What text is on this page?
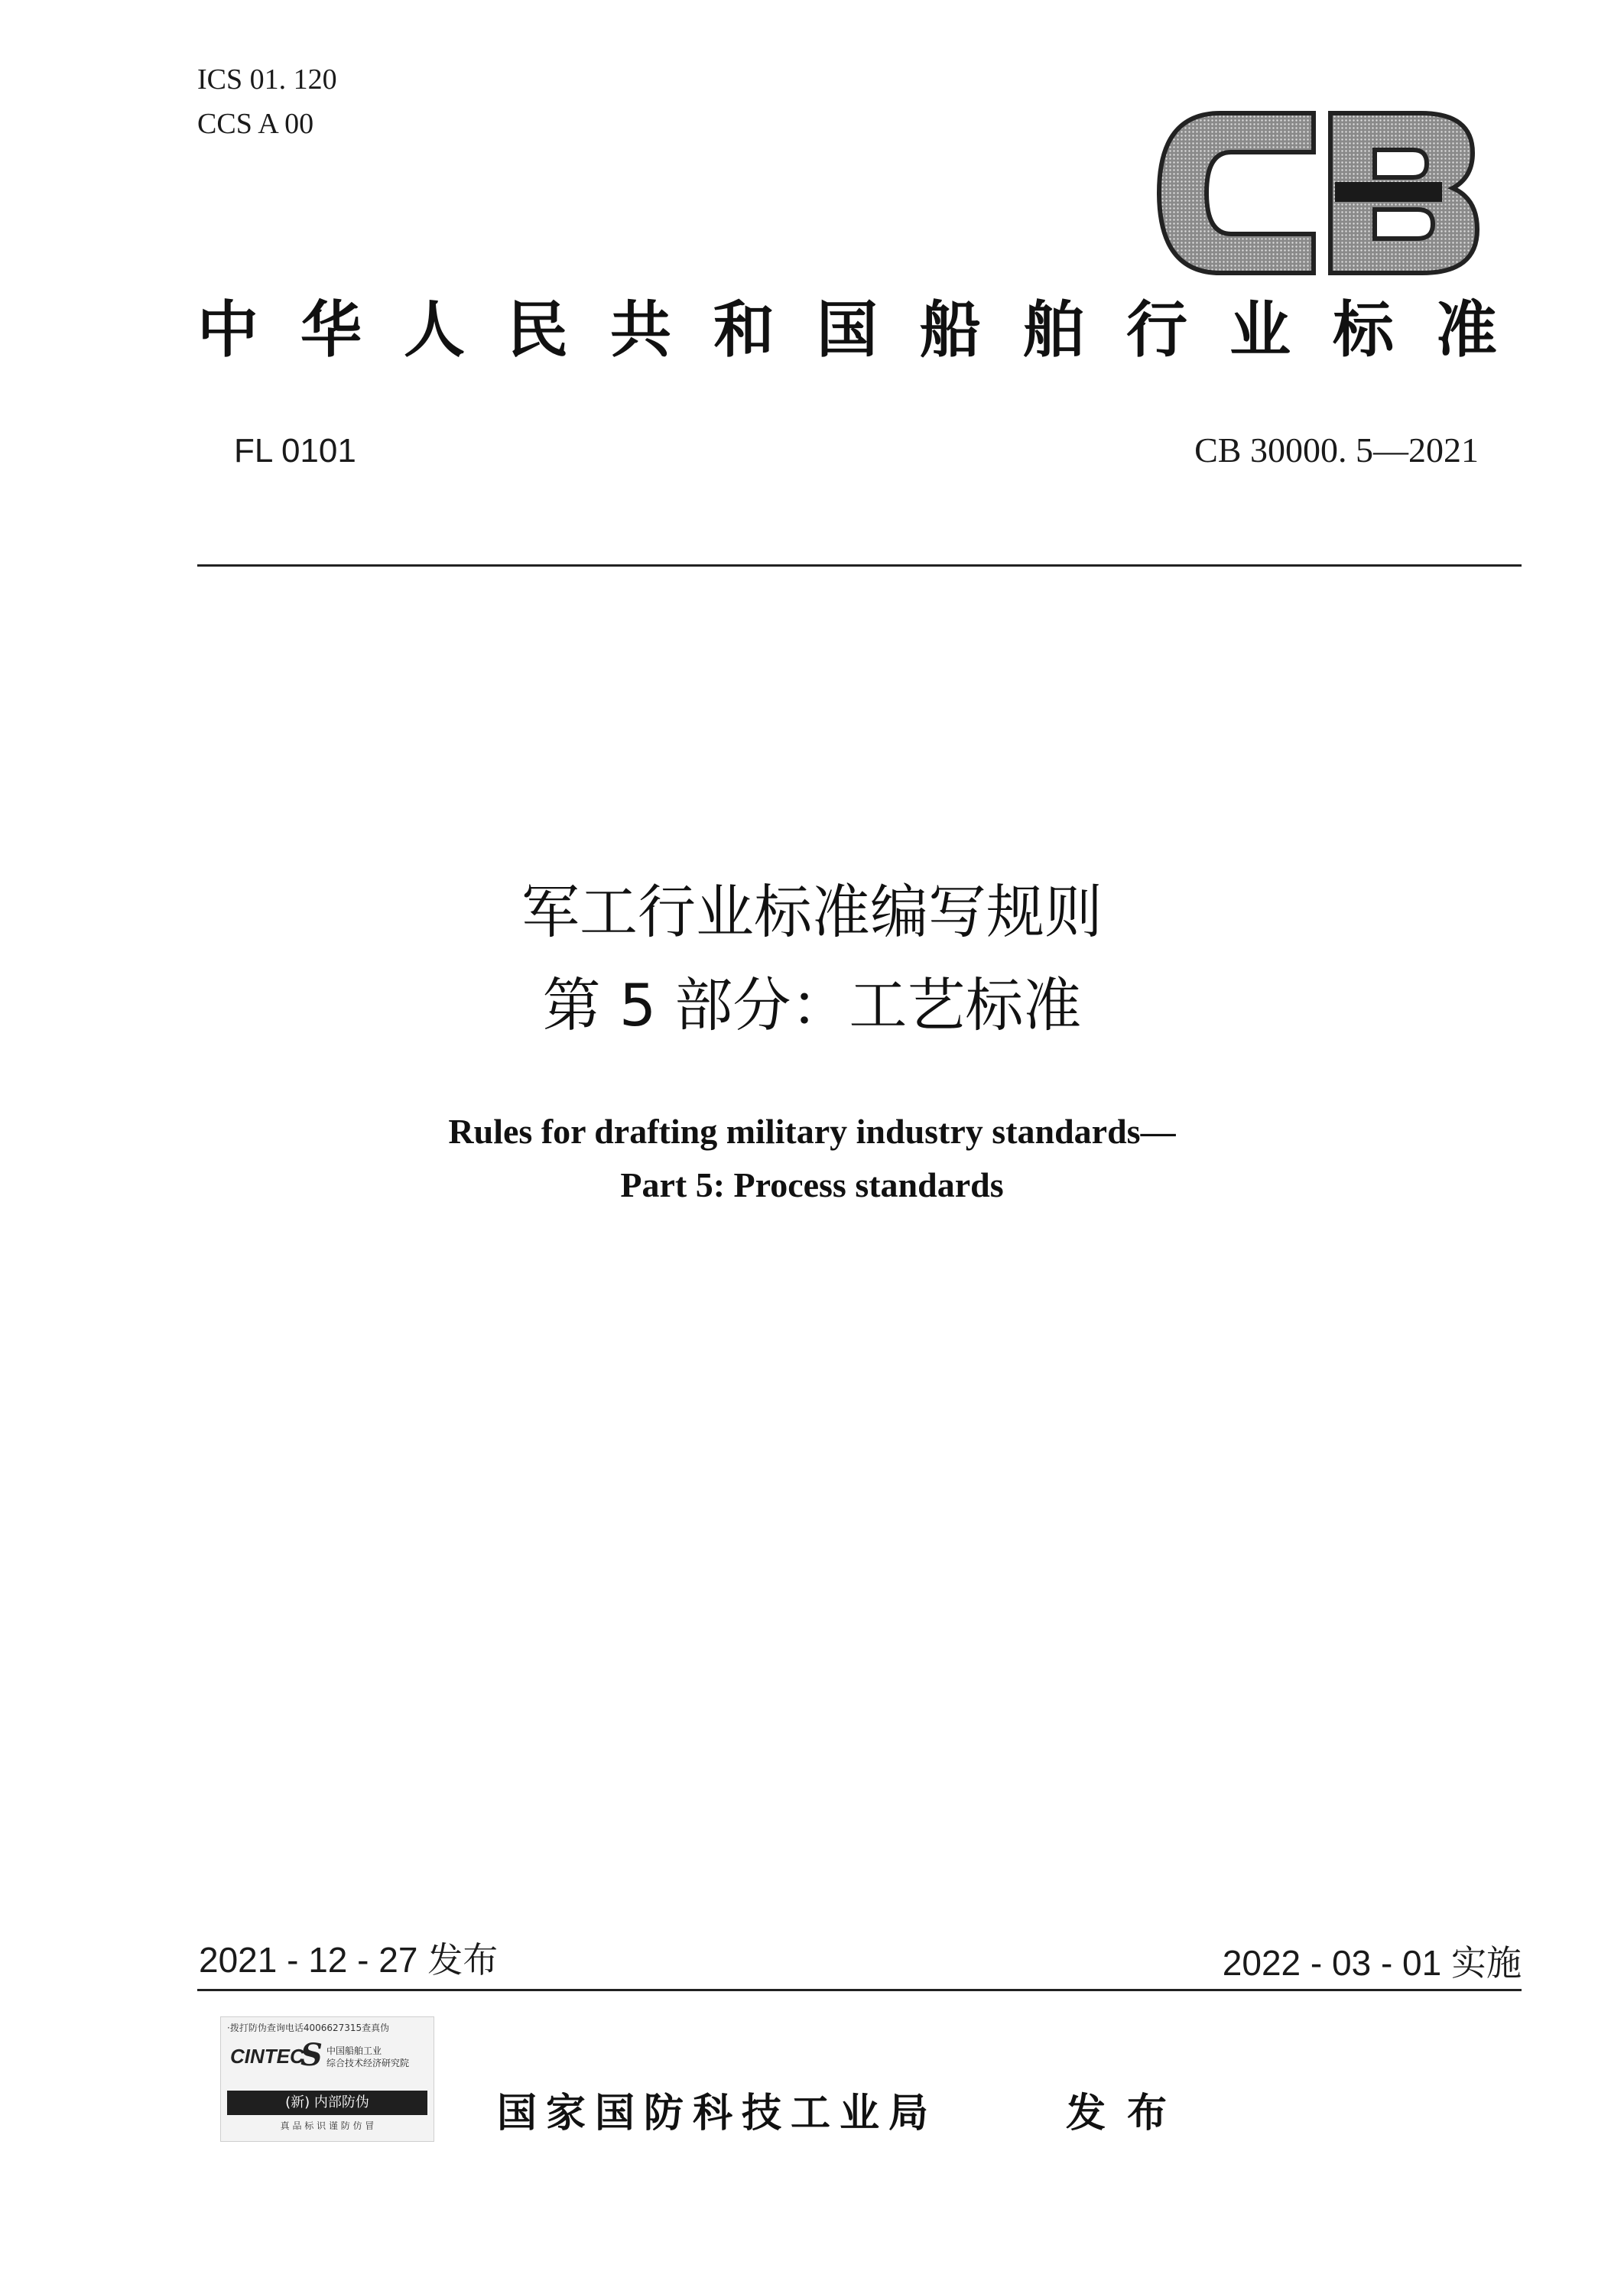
ICS 01. 120
CCS A 00
中 华 人 民 共 和 国 船 舶 行 业 标 准
FL 0101	CB 30000. 5—2021
军工行业标准编写规则
第 5 部分：工艺标准
Rules for drafting military industry standards—
Part 5: Process standards
2021 - 12 - 27 发布	2022 - 03 - 01 实施
·拨打防伪查询电话4006627315查真伪
CINTEC
S 中国船舶工业
综合技术经济研究院
(新) 内部防伪
真 品 标 识 谨 防 仿 冒	国家国防科技工业局	发布
